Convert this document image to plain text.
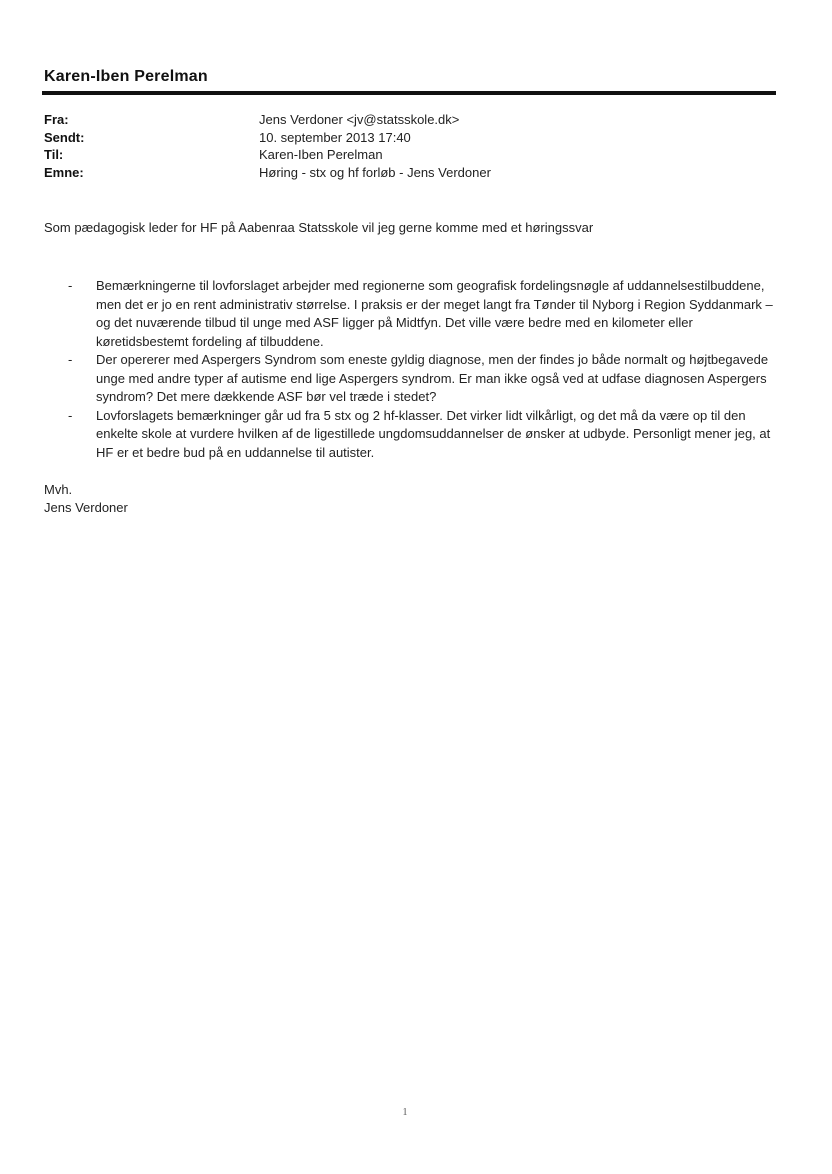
Karen-Iben Perelman
Fra:	Jens Verdoner <jv@statsskole.dk>
Sendt:	10. september 2013 17:40
Til:	Karen-Iben Perelman
Emne:	Høring - stx og hf forløb - Jens Verdoner
Som pædagogisk leder for HF på Aabenraa Statsskole vil jeg gerne komme med et høringssvar
-	Bemærkningerne til lovforslaget arbejder med regionerne som geografisk fordelingsnøgle af uddannelsestilbuddene, men det er jo en rent administrativ størrelse. I praksis er der meget langt fra Tønder til Nyborg i Region Syddanmark – og det nuværende tilbud til unge med ASF ligger på Midtfyn. Det ville være bedre med en kilometer eller køretidsbestemt fordeling af tilbuddene.
-	Der opererer med Aspergers Syndrom som eneste gyldig diagnose, men der findes jo både normalt og højtbegavede unge med andre typer af autisme end lige Aspergers syndrom. Er man ikke også ved at udfase diagnosen Aspergers syndrom? Det mere dækkende ASF bør vel træde i stedet?
-	Lovforslagets bemærkninger går ud fra 5 stx og 2 hf-klasser. Det virker lidt vilkårligt, og det må da være op til den enkelte skole at vurdere hvilken af de ligestillede ungdomsuddannelser de ønsker at udbyde. Personligt mener jeg, at HF er et bedre bud på en uddannelse til autister.
Mvh.
Jens Verdoner
1
